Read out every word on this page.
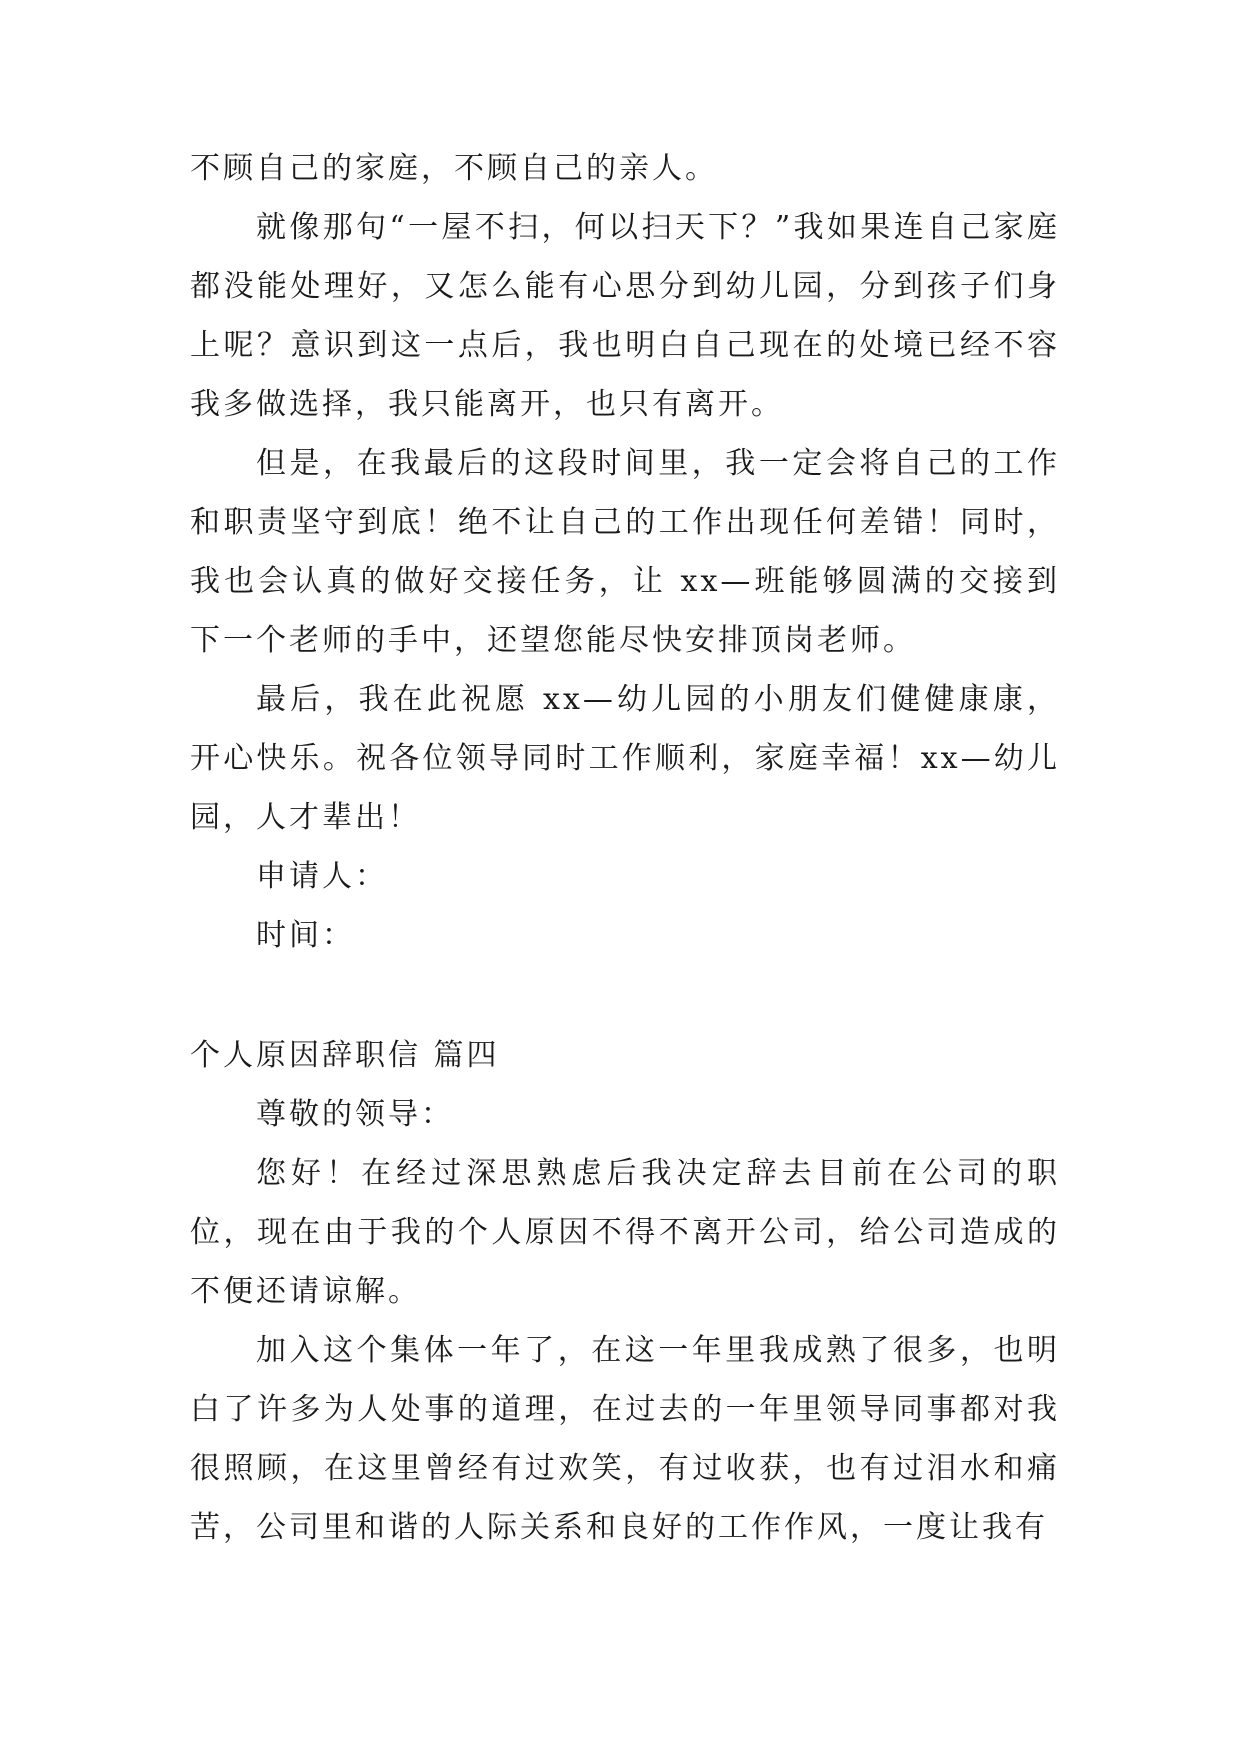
不顾自己的家庭，不顾自己的亲人。

就像那句“一屋不扫，何以扫天下？”我如果连自己家庭都没能处理好，又怎么能有心思分到幼儿园，分到孩子们身上呢？意识到这一点后，我也明白自己现在的处境已经不容我多做选择，我只能离开，也只有离开。

但是，在我最后的这段时间里，我一定会将自己的工作和职责坚守到底！绝不让自己的工作出现任何差错！同时，我也会认真的做好交接任务，让 xx—班能够圆满的交接到下一个老师的手中，还望您能尽快安排顶岗老师。

最后，我在此祝愿 xx—幼儿园的小朋友们健健康康，开心快乐。祝各位领导同时工作顺利，家庭幸福！xx—幼儿园，人才辈出！

申请人：

时间：

个人原因辞职信 篇四

尊敬的领导：

您好！在经过深思熟虑后我决定辞去目前在公司的职位，现在由于我的个人原因不得不离开公司，给公司造成的不便还请谅解。

加入这个集体一年了，在这一年里我成熟了很多，也明白了许多为人处事的道理，在过去的一年里领导同事都对我很照顾，在这里曾经有过欢笑，有过收获，也有过泪水和痛苦，公司里和谐的人际关系和良好的工作作风，一度让我有
